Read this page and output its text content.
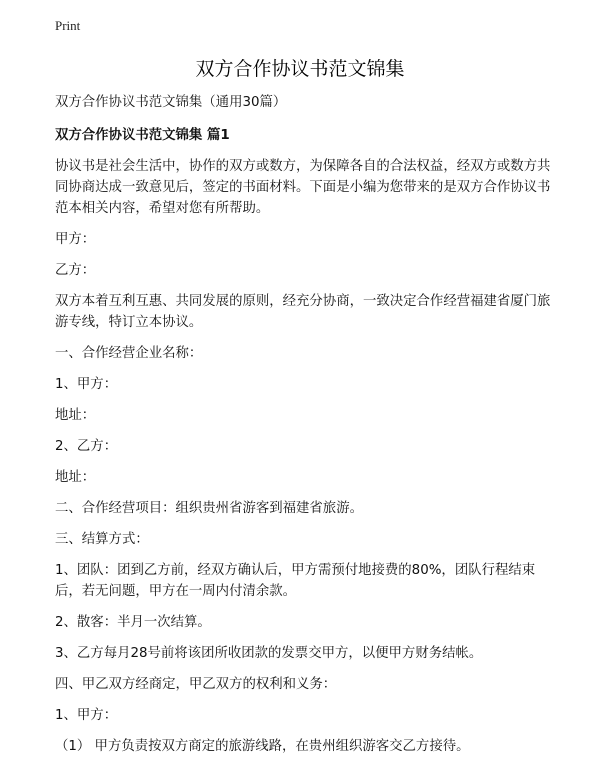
Print
双方合作协议书范文锦集

双方合作协议书范文锦集（通用30篇）

双方合作协议书范文锦集 篇1

协议书是社会生活中，协作的双方或数方，为保障各自的合法权益，经双方或数方共同协商达成一致意见后，签定的书面材料。下面是小编为您带来的是双方合作协议书范本相关内容，希望对您有所帮助。

甲方：

乙方：

双方本着互利互惠、共同发展的原则，经充分协商，一致决定合作经营福建省厦门旅游专线，特订立本协议。

一、合作经营企业名称：

1、甲方：

地址：

2、乙方：

地址：

二、合作经营项目：组织贵州省游客到福建省旅游。

三、结算方式：

1、团队：团到乙方前，经双方确认后，甲方需预付地接费的80%，团队行程结束后，若无问题，甲方在一周内付清余款。

2、散客：半月一次结算。

3、乙方每月28号前将该团所收团款的发票交甲方，以便甲方财务结帐。

四、甲乙双方经商定，甲乙双方的权利和义务：

1、甲方：

（1） 甲方负责按双方商定的旅游线路，在贵州组织游客交乙方接待。
